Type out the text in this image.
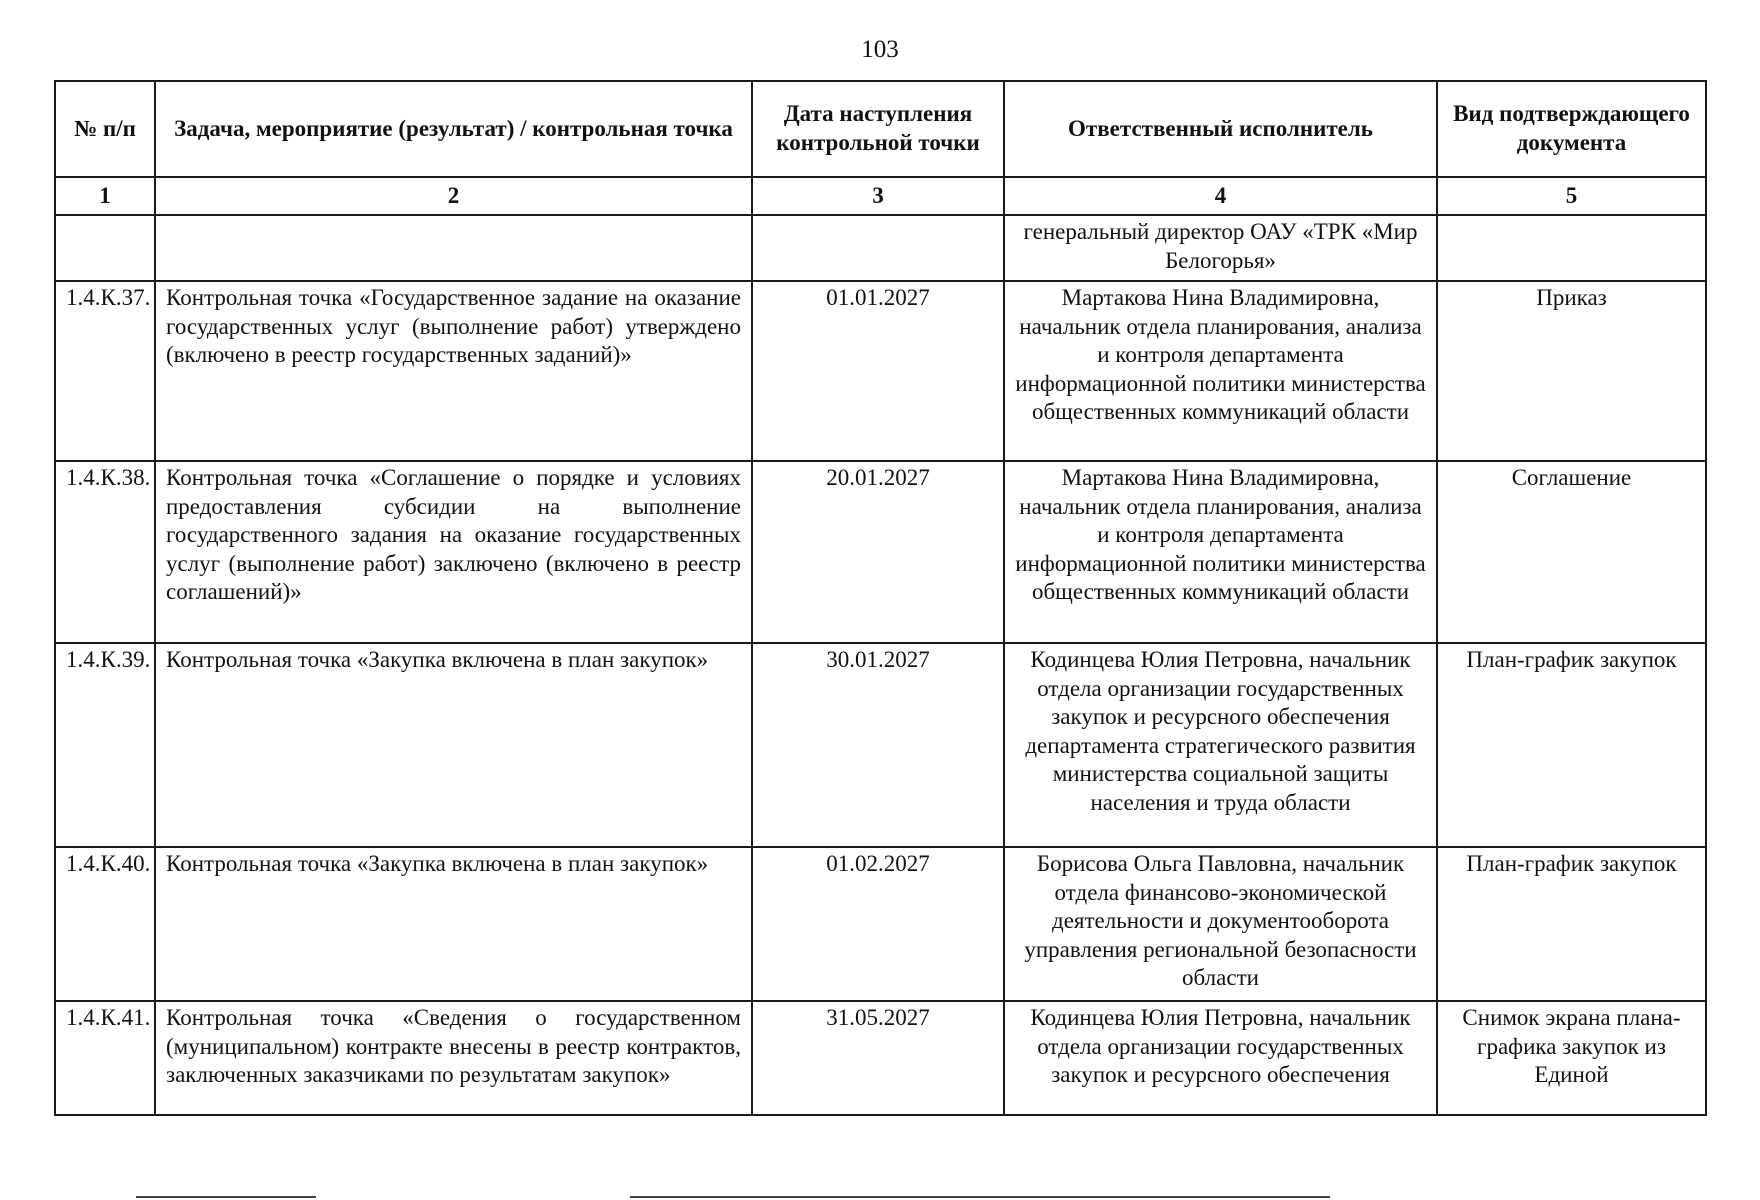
103
№ п/п	Задача, мероприятие (результат) / контрольная точка	Дата наступления контрольной точки	Ответственный исполнитель	Вид подтверждающего документа
1	2	3	4	5

			генеральный директор ОАУ «ТРК «Мир Белогорья»	

1.4.К.37.	Контрольная точка «Государственное задание на оказание государственных услуг (выполнение работ) утверждено (включено в реестр государственных заданий)»	01.01.2027	Мартакова Нина Владимировна, начальник отдела планирования, анализа и контроля департамента информационной политики министерства общественных коммуникаций области	Приказ

1.4.К.38.	Контрольная точка «Соглашение о порядке и условиях предоставления субсидии на выполнение государственного задания на оказание государственных услуг (выполнение работ) заключено (включено в реестр соглашений)»	20.01.2027	Мартакова Нина Владимировна, начальник отдела планирования, анализа и контроля департамента информационной политики министерства общественных коммуникаций области	Соглашение

1.4.К.39.	Контрольная точка «Закупка включена в план закупок»	30.01.2027	Кодинцева Юлия Петровна, начальник отдела организации государственных закупок и ресурсного обеспечения департамента стратегического развития министерства социальной защиты населения и труда области	План-график закупок

1.4.К.40.	Контрольная точка «Закупка включена в план закупок»	01.02.2027	Борисова Ольга Павловна, начальник отдела финансово-экономической деятельности и документооборота управления региональной безопасности области	План-график закупок

1.4.К.41.	Контрольная точка «Сведения о государственном (муниципальном) контракте внесены в реестр контрактов, заключенных заказчиками по результатам закупок»	31.05.2027	Кодинцева Юлия Петровна, начальник отдела организации государственных закупок и ресурсного обеспечения	Снимок экрана плана-графика закупок из Единой
